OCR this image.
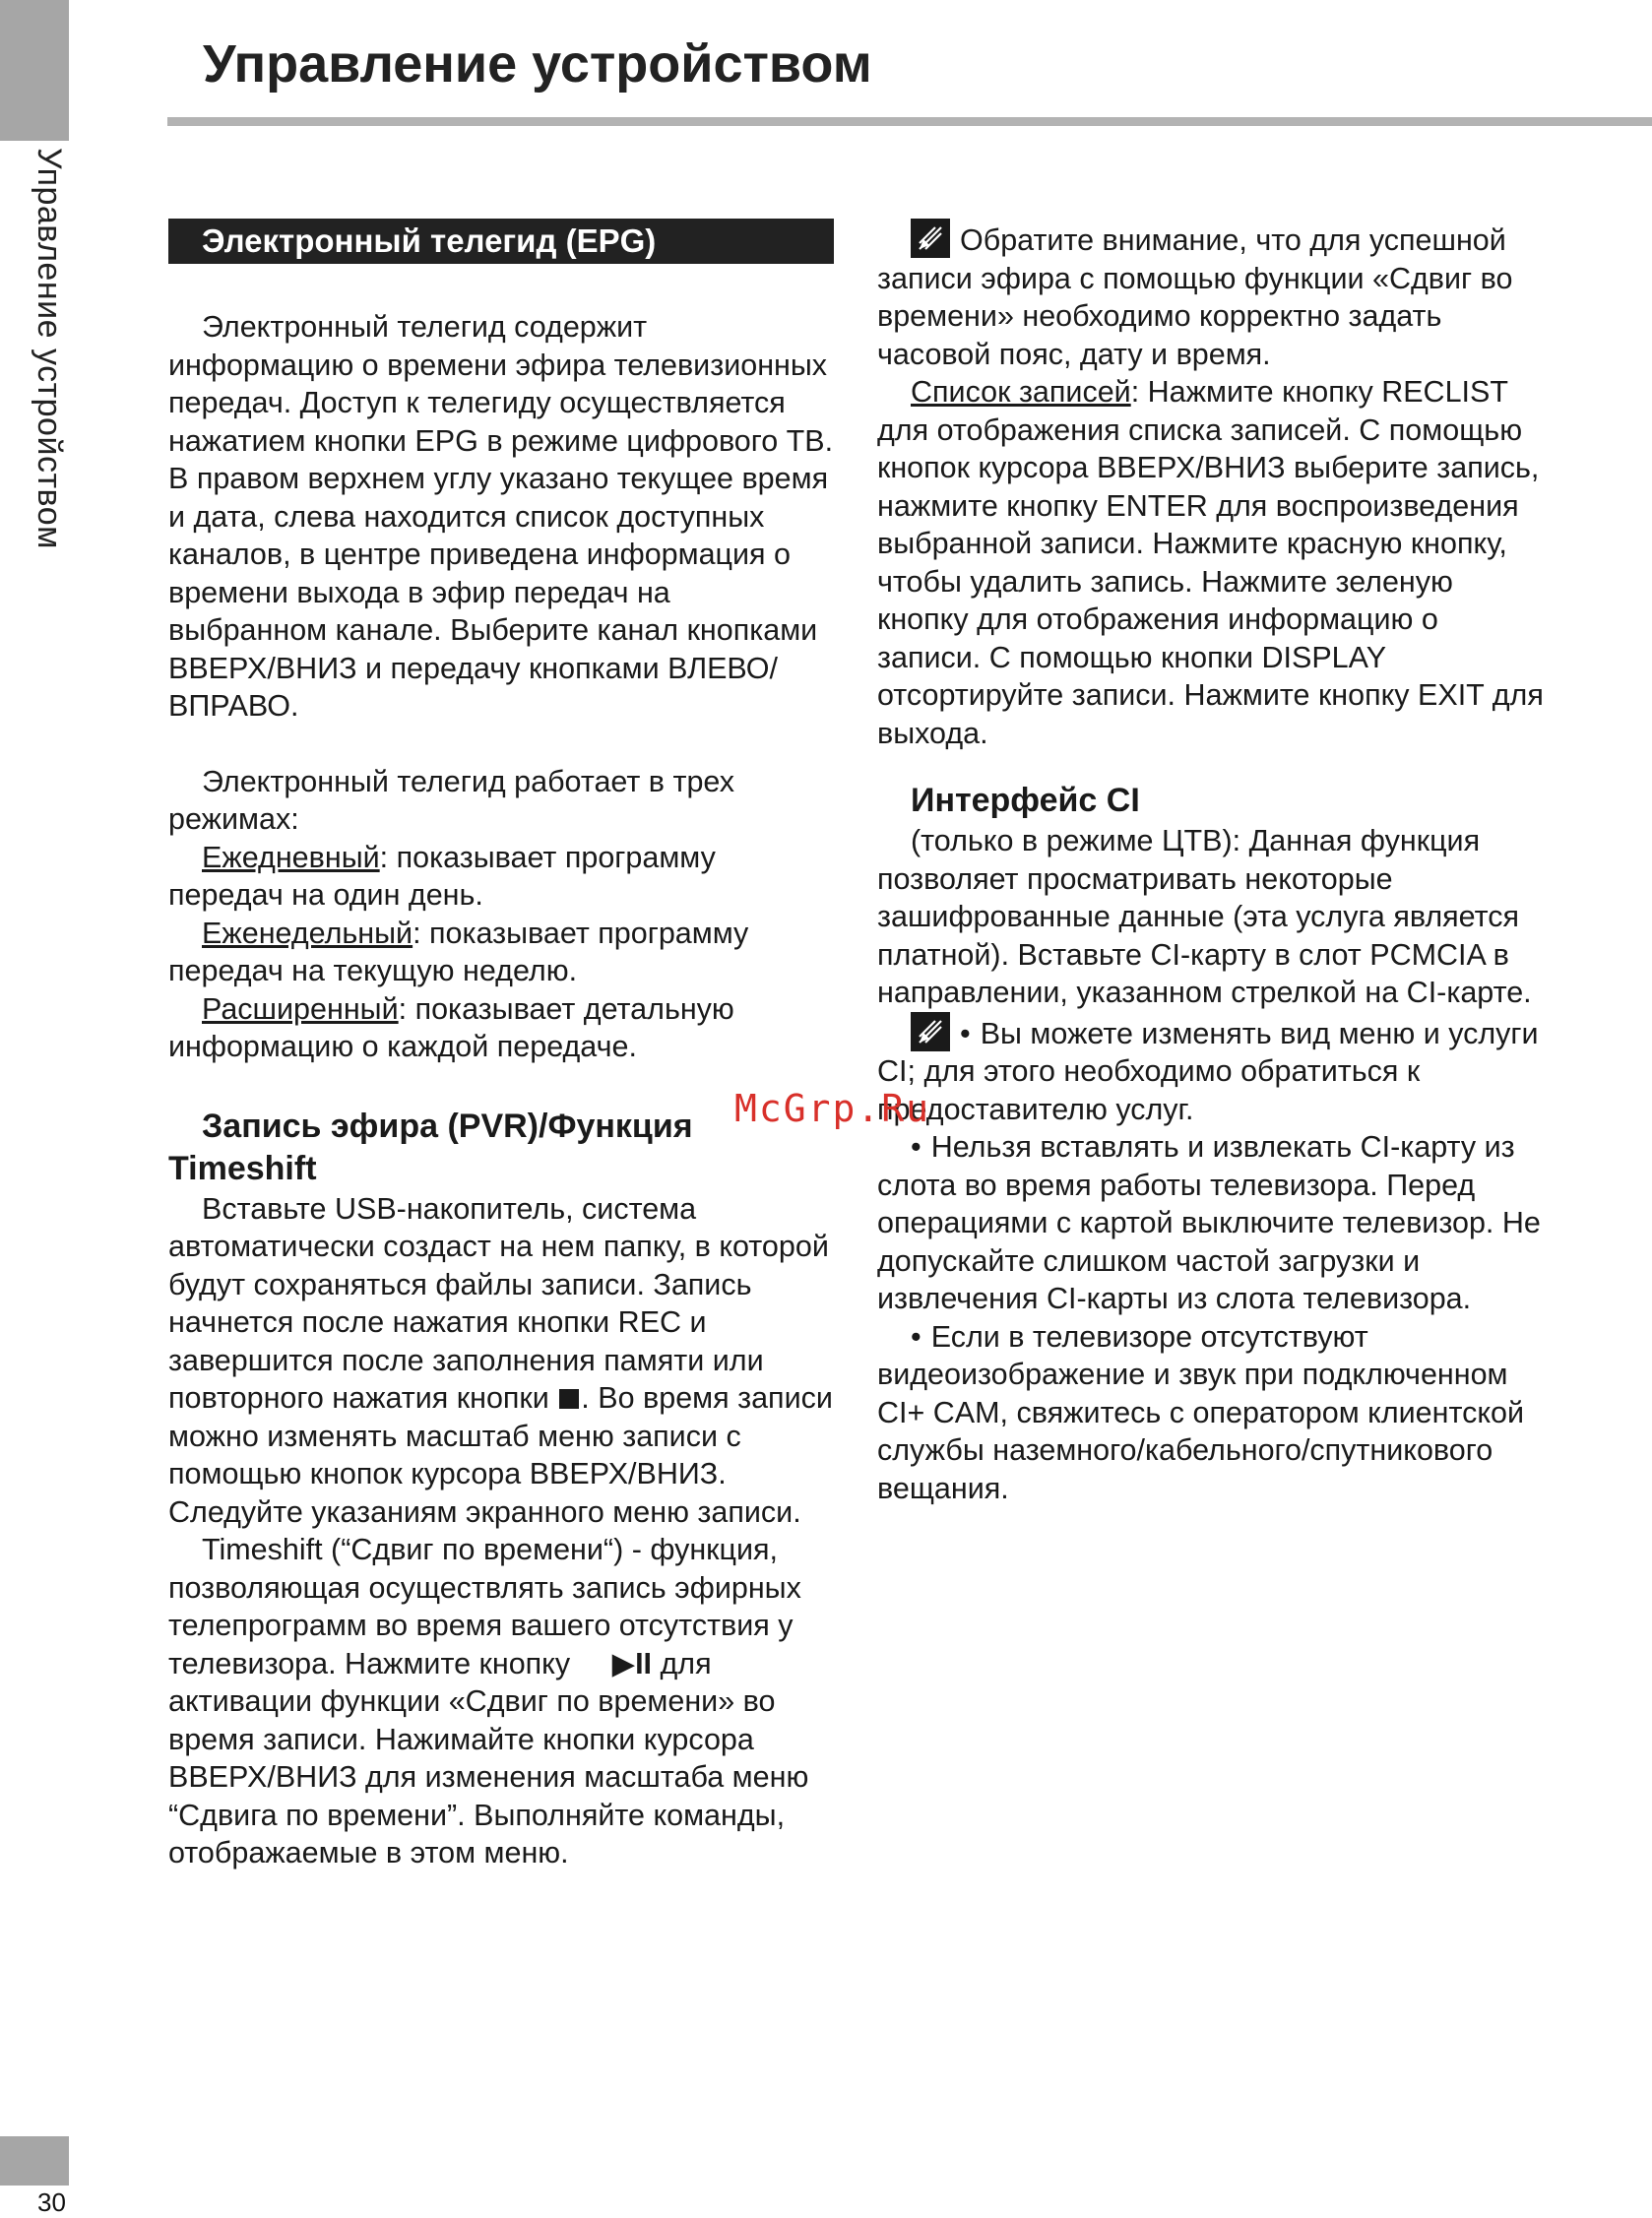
Управление устройством
30
Управление устройством
Электронный телегид (EPG)

Электронный телегид содержит информацию о времени эфира телевизионных передач. Доступ к телегиду осуществляется нажатием кнопки EPG в режиме цифрового ТВ. В правом верхнем углу указано текущее время и дата, слева находится список доступных каналов, в центре приведена информация о времени выхода в эфир передач на выбранном канале. Выберите канал кнопками ВВЕРХ/ВНИЗ и передачу кнопками ВЛЕВО/ВПРАВО.

Электронный телегид работает в трех режимах:

Ежедневный: показывает программу передач на один день.

Еженедельный: показывает программу передач на текущую неделю.

Расширенный: показывает детальную информацию о каждой передаче.

Запись эфира (PVR)/Функция Timeshift

Вставьте USB-накопитель, система автоматически создаст на нем папку, в которой будут сохраняться файлы записи. Запись начнется после нажатия кнопки REC и завершится после заполнения памяти или повторного нажатия кнопки . Во время записи можно изменять масштаб меню записи с помощью кнопок курсора ВВЕРХ/ВНИЗ. Следуйте указаниям экранного меню записи.

Timeshift (“Сдвиг по времени“) - функция, позволяющая осуществлять запись эфирных телепрограмм во время вашего отсутствия у телевизора. Нажмите кнопку ▶II для активации функции «Сдвиг по времени» во время записи. Нажимайте кнопки курсора ВВЕРХ/ВНИЗ для изменения масштаба меню “Сдвига по времени”. Выполняйте команды, отображаемые в этом меню.

Обратите внимание, что для успешной записи эфира с помощью функции «Сдвиг во времени» необходимо корректно задать часовой пояс, дату и время.

Список записей: Нажмите кнопку RECLIST для отображения списка записей. С помощью кнопок курсора ВВЕРХ/ВНИЗ выберите запись, нажмите кнопку ENTER для воспроизведения выбранной записи. Нажмите красную кнопку, чтобы удалить запись. Нажмите зеленую кнопку для отображения информацию о записи. С помощью кнопки DISPLAY отсортируйте записи. Нажмите кнопку EXIT для выхода.

Интерфейс CI

(только в режиме ЦТВ): Данная функция позволяет просматривать некоторые зашифрованные данные (эта услуга является платной). Вставьте CI-карту в слот PCMCIA в направлении, указанном стрелкой на CI-карте.

• Вы можете изменять вид меню и услуги CI; для этого необходимо обратиться к предоставителю услуг.

• Нельзя вставлять и извлекать CI-карту из слота во время работы телевизора. Перед операциями с картой выключите телевизор. Не допускайте слишком частой загрузки и извлечения CI-карты из слота телевизора.

• Если в телевизоре отсутствуют видеоизображение и звук при подключенном CI+ CAM, свяжитесь с оператором клиентской службы наземного/кабельного/спутникового вещания.

McGrp.Ru
